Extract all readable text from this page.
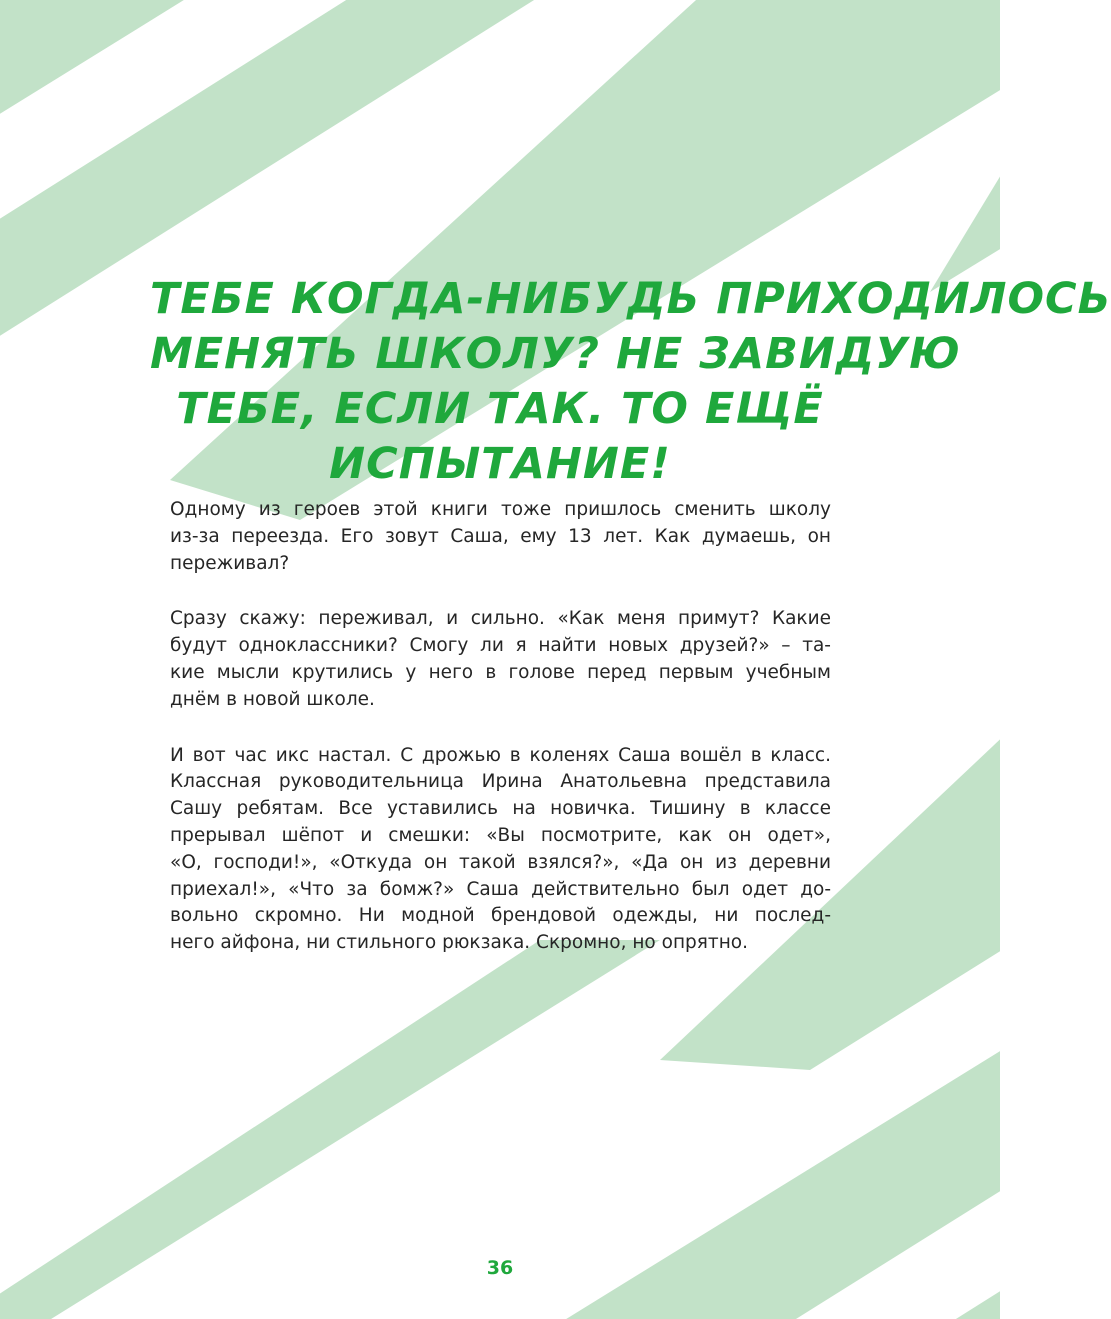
ТЕБЕ КОГДА-НИБУДЬ ПРИХОДИЛОСЬ
МЕНЯТЬ ШКОЛУ? НЕ ЗАВИДУЮ
ТЕБЕ, ЕСЛИ ТАК. ТО ЕЩЁ
ИСПЫТАНИЕ!

Одному из героев этой книги тоже пришлось сменить школу
из-за переезда. Его зовут Саша, ему 13 лет. Как думаешь, он
переживал?

Сразу скажу: переживал, и сильно. «Как меня примут? Какие
будут одноклассники? Смогу ли я найти новых друзей?» – та-
кие мысли крутились у него в голове перед первым учебным
днём в новой школе.

И вот час икс настал. С дрожью в коленях Саша вошёл в класс.
Классная руководительница Ирина Анатольевна представила
Сашу ребятам. Все уставились на новичка. Тишину в классе
прерывал шёпот и смешки: «Вы посмотрите, как он одет»,
«О, господи!», «Откуда он такой взялся?», «Да он из деревни
приехал!», «Что за бомж?» Саша действительно был одет до-
вольно скромно. Ни модной брендовой одежды, ни послед-
него айфона, ни стильного рюкзака. Скромно, но опрятно.

36
